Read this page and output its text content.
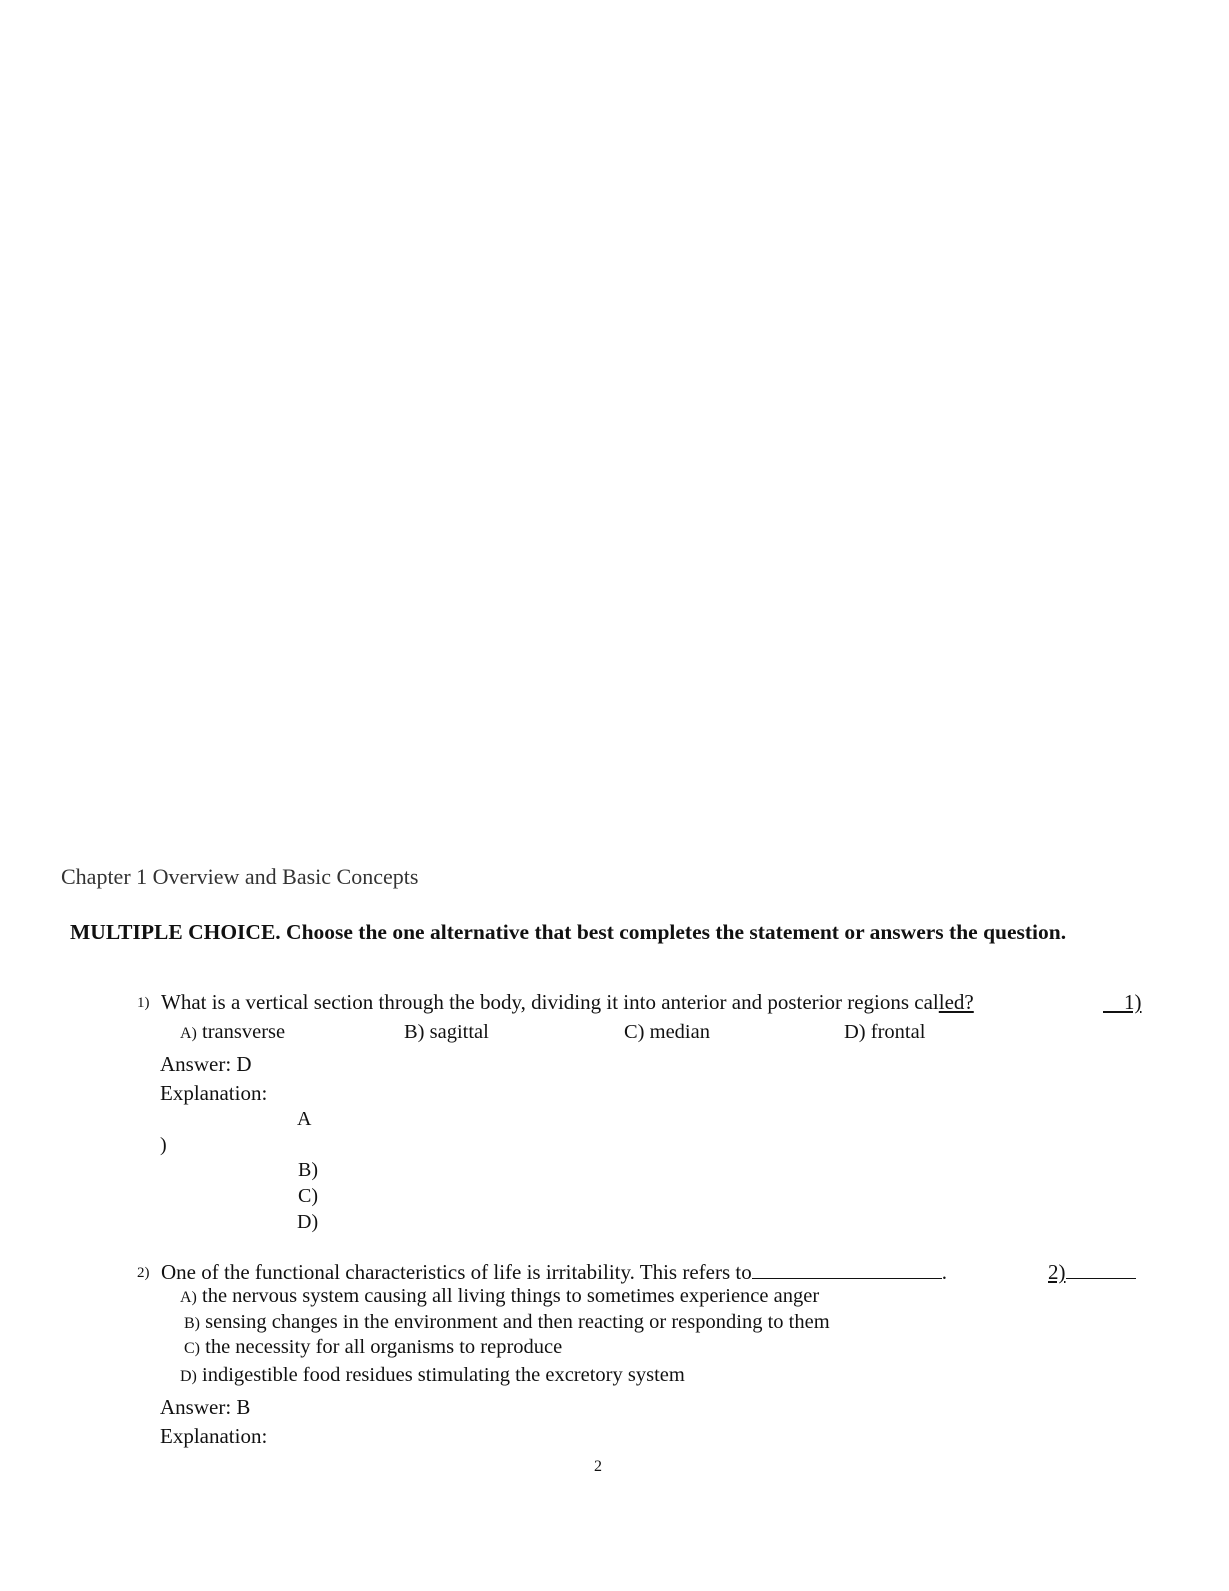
Chapter 1 Overview and Basic Concepts
MULTIPLE CHOICE. Choose the one alternative that best completes the statement or answers the question.
1) What is a vertical section through the body, dividing it into anterior and posterior regions called?
 	1)
A) transverse	B) sagittal	C) median	D) frontal
Answer: D
Explanation:
A
)
B)
C)
D)
2) One of the functional characteristics of life is irritability. This refers to	.	2)
A) the nervous system causing all living things to sometimes experience anger
B) sensing changes in the environment and then reacting or responding to them
C) the necessity for all organisms to reproduce
D) indigestible food residues stimulating the excretory system
Answer: B
Explanation:
2
